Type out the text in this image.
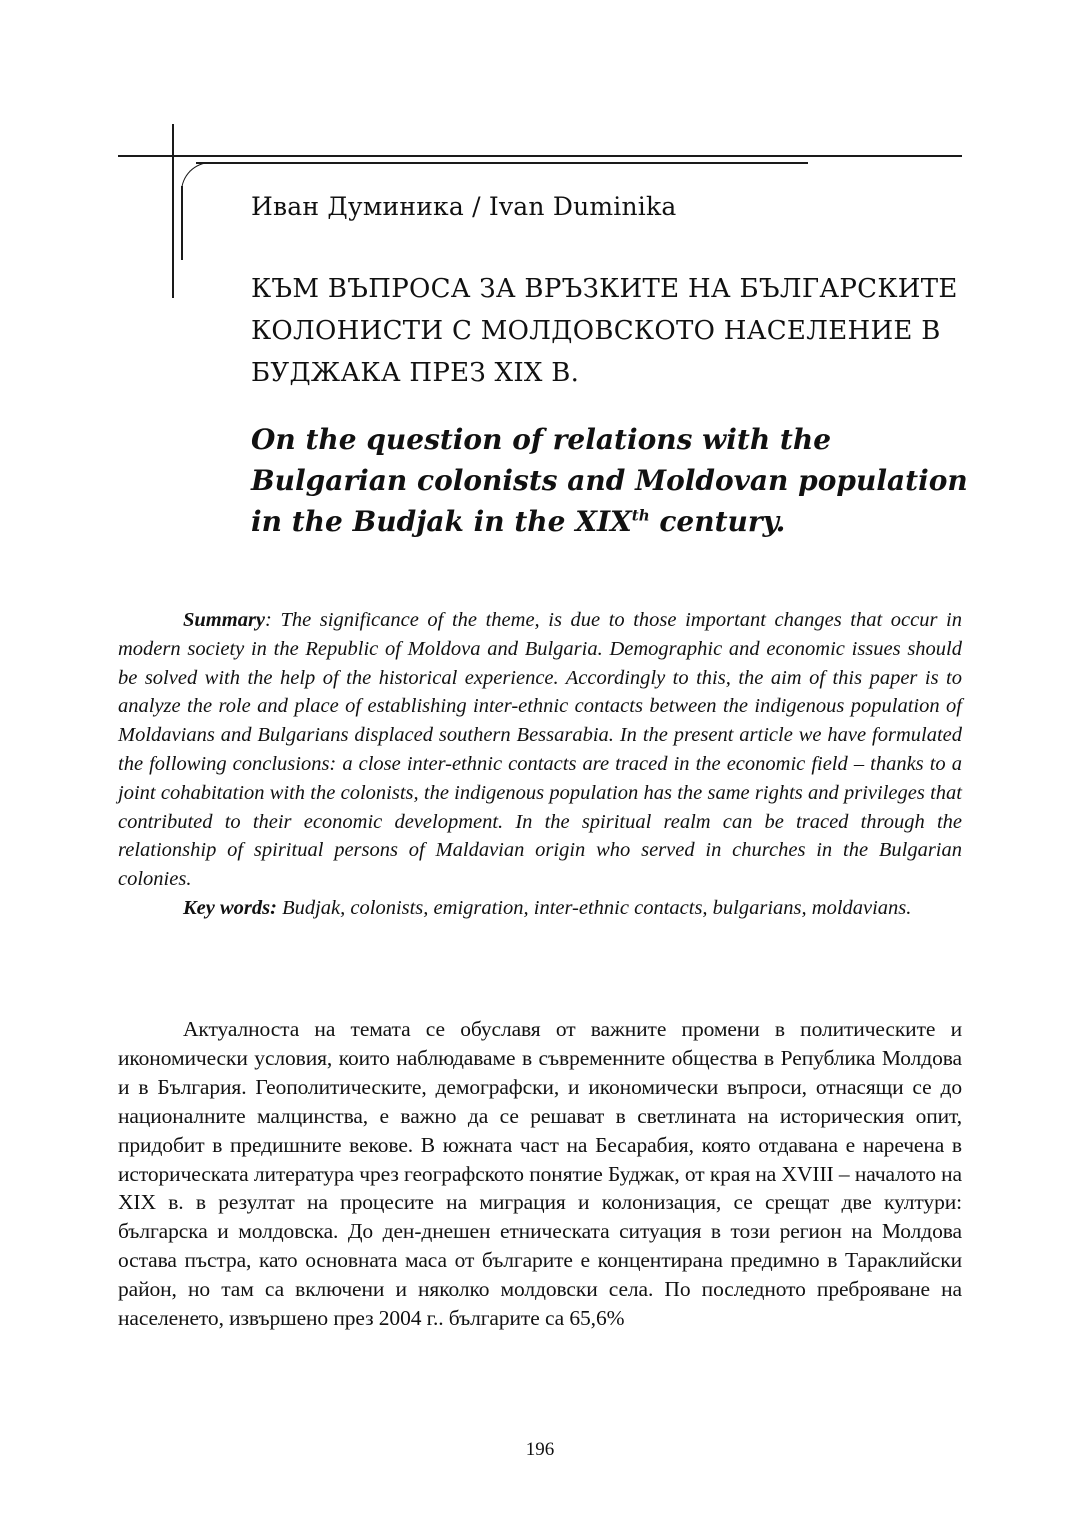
Иван Думиника / Ivan Duminika
КЪМ ВЪПРОСА ЗА ВРЪЗКИТЕ НА БЪЛГАРСКИТЕ КОЛОНИСТИ С МОЛДОВСКОТО НАСЕЛЕНИЕ В БУДЖАКА ПРЕЗ XIX В.
On the question of relations with the Bulgarian colonists and Moldovan population in the Budjak in the XIXth century.

Summary: The significance of the theme, is due to those important changes that occur in modern society in the Republic of Moldova and Bulgaria. Demographic and economic issues should be solved with the help of the historical experience. Accordingly to this, the aim of this paper is to analyze the role and place of establishing inter-ethnic contacts between the indigenous population of Moldavians and Bulgarians displaced southern Bessarabia. In the present article we have formulated the following conclusions: a close inter-ethnic contacts are traced in the economic field – thanks to a joint cohabitation with the colonists, the indigenous population has the same rights and privileges that contributed to their economic development. In the spiritual realm can be traced through the relationship of spiritual persons of Maldavian origin who served in churches in the Bulgarian colonies.

Key words: Budjak, colonists, emigration, inter-ethnic contacts, bulgarians, moldavians.

Актуалноста на темата се обуславя от важните промени в политическите и икономически условия, които наблюдаваме в съвременните общества в Република Молдова и в България. Геополитическите, демографски, и икономически въпроси, отнасящи се до националните малцинства, е важно да се решават в светлината на историческия опит, придобит в предишните векове. В южната част на Бесарабия, която отдавана е наречена в историческата литература чрез географското понятие Буджак, от края на XVIII – началото на XIX в. в резултат на процесите на миграция и колонизация, се срещат две култури: българска и молдовска. До ден-днешен етническата ситуация в този регион на Молдова остава пъстра, като основната маса от българите е концентирана предимно в Тараклийски район, но там са включени и няколко молдовски села. По последното преброяване на населенето, извършено през 2004 г.. българите са 65,6%

196
